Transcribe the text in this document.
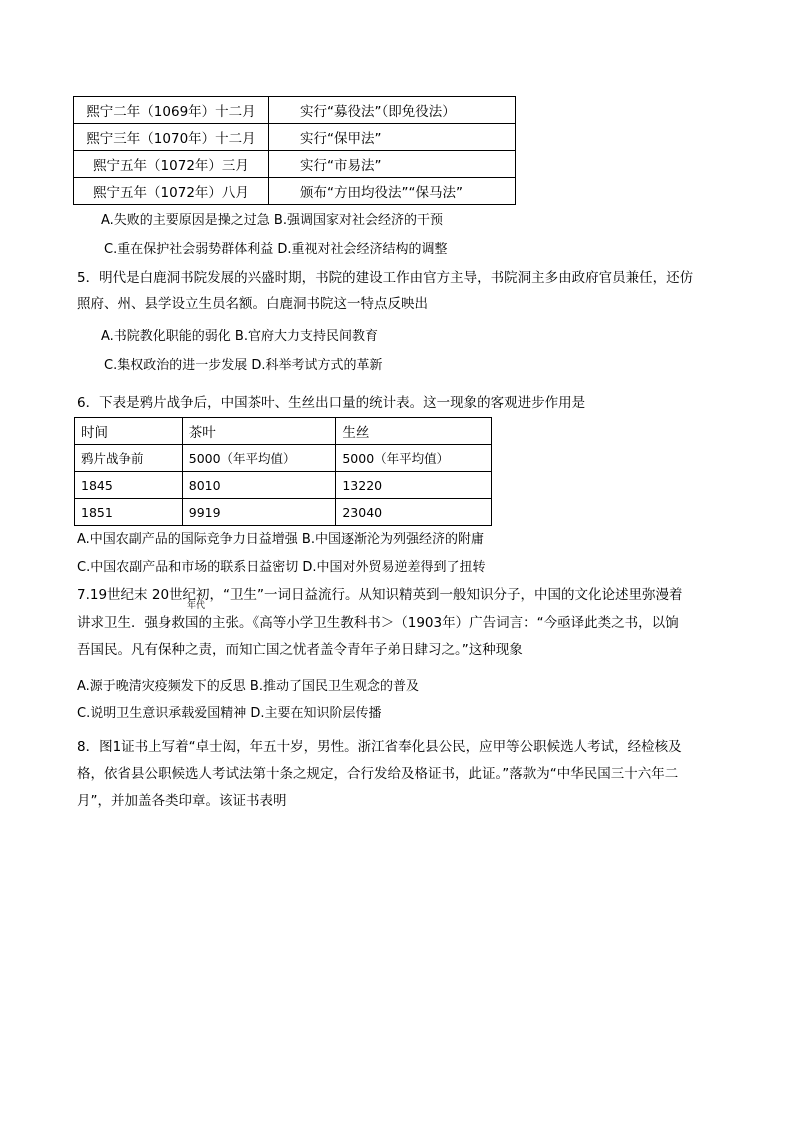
熙宁二年（1069年）十二月	实行“募役法”（即免役法）
熙宁三年（1070年）十二月	实行“保甲法”
熙宁五年（1072年）三月	实行“市易法”
熙宁五年（1072年）八月	颁布“方田均役法”“保马法”
A.失败的主要原因是操之过急 B.强调国家对社会经济的干预
C.重在保护社会弱势群体利益 D.重视对社会经济结构的调整
5．明代是白鹿洞书院发展的兴盛时期，书院的建设工作由官方主导，书院洞主多由政府官员兼任，还仿
照府、州、县学设立生员名额。白鹿洞书院这一特点反映出
A.书院教化职能的弱化 B.官府大力支持民间教育
C.集权政治的进一步发展 D.科举考试方式的革新
6．下表是鸦片战争后，中国茶叶、生丝出口量的统计表。这一现象的客观进步作用是
时间	茶叶	生丝
鸦片战争前	5000（年平均值）	5000（年平均值）
1845	8010	13220
1851	9919	23040
A.中国农副产品的国际竞争力日益增强 B.中国逐渐沦为列强经济的附庸
C.中国农副产品和市场的联系日益密切 D.中国对外贸易逆差得到了扭转
7.19世纪末 20世纪初，“卫生”一词日益流行。从知识精英到一般知识分子，中国的文化论述里弥漫着
年代
讲求卫生．强身救国的主张。《高等小学卫生教科书＞（1903年）广告词言：“今亟译此类之书，以饷
吾国民。凡有保种之责，而知亡国之忧者盖令青年子弟日肆习之。”这种现象
A.源于晚清灾疫频发下的反思 B.推动了国民卫生观念的普及
C.说明卫生意识承载爱国精神 D.主要在知识阶层传播
8．图1证书上写着“卓士闳，年五十岁，男性。浙江省奉化县公民，应甲等公职候选人考试，经检核及
格，依省县公职候选人考试法第十条之规定，合行发给及格证书，此证。”落款为“中华民国三十六年二
月”，并加盖各类印章。该证书表明
